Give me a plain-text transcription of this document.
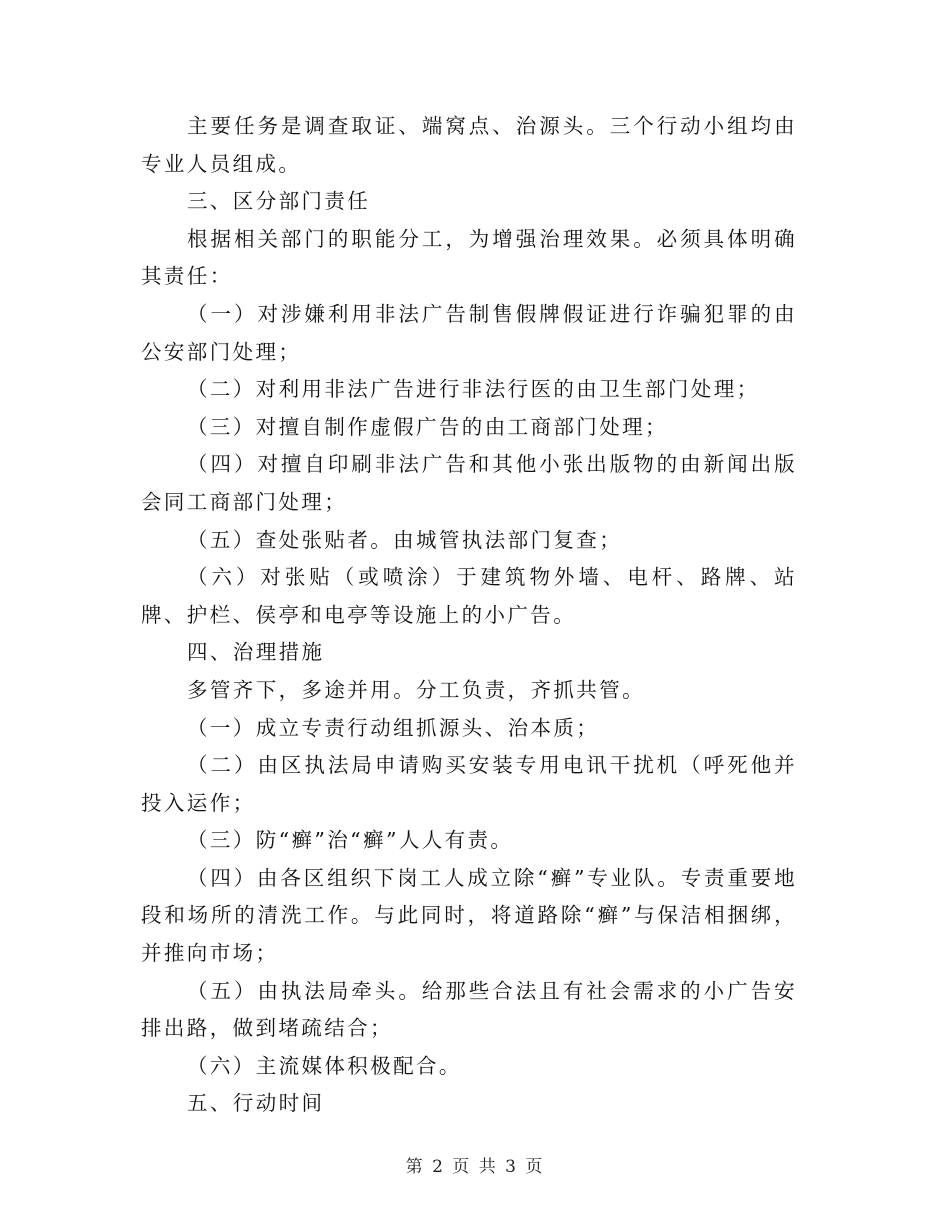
主要任务是调查取证、端窝点、治源头。三个行动小组均由专业人员组成。

三、区分部门责任

根据相关部门的职能分工，为增强治理效果。必须具体明确其责任：

（一）对涉嫌利用非法广告制售假牌假证进行诈骗犯罪的由公安部门处理；

（二）对利用非法广告进行非法行医的由卫生部门处理；

（三）对擅自制作虚假广告的由工商部门处理；

（四）对擅自印刷非法广告和其他小张出版物的由新闻出版会同工商部门处理；

（五）查处张贴者。由城管执法部门复查；

（六）对张贴（或喷涂）于建筑物外墙、电杆、路牌、站牌、护栏、侯亭和电亭等设施上的小广告。

四、治理措施

多管齐下，多途并用。分工负责，齐抓共管。

（一）成立专责行动组抓源头、治本质；

（二）由区执法局申请购买安装专用电讯干扰机（呼死他并投入运作；

（三）防“癣”治“癣”人人有责。

（四）由各区组织下岗工人成立除“癣”专业队。专责重要地段和场所的清洗工作。与此同时，将道路除“癣”与保洁相捆绑，并推向市场；

（五）由执法局牵头。给那些合法且有社会需求的小广告安排出路，做到堵疏结合；

（六）主流媒体积极配合。

五、行动时间

第 2 页 共 3 页
